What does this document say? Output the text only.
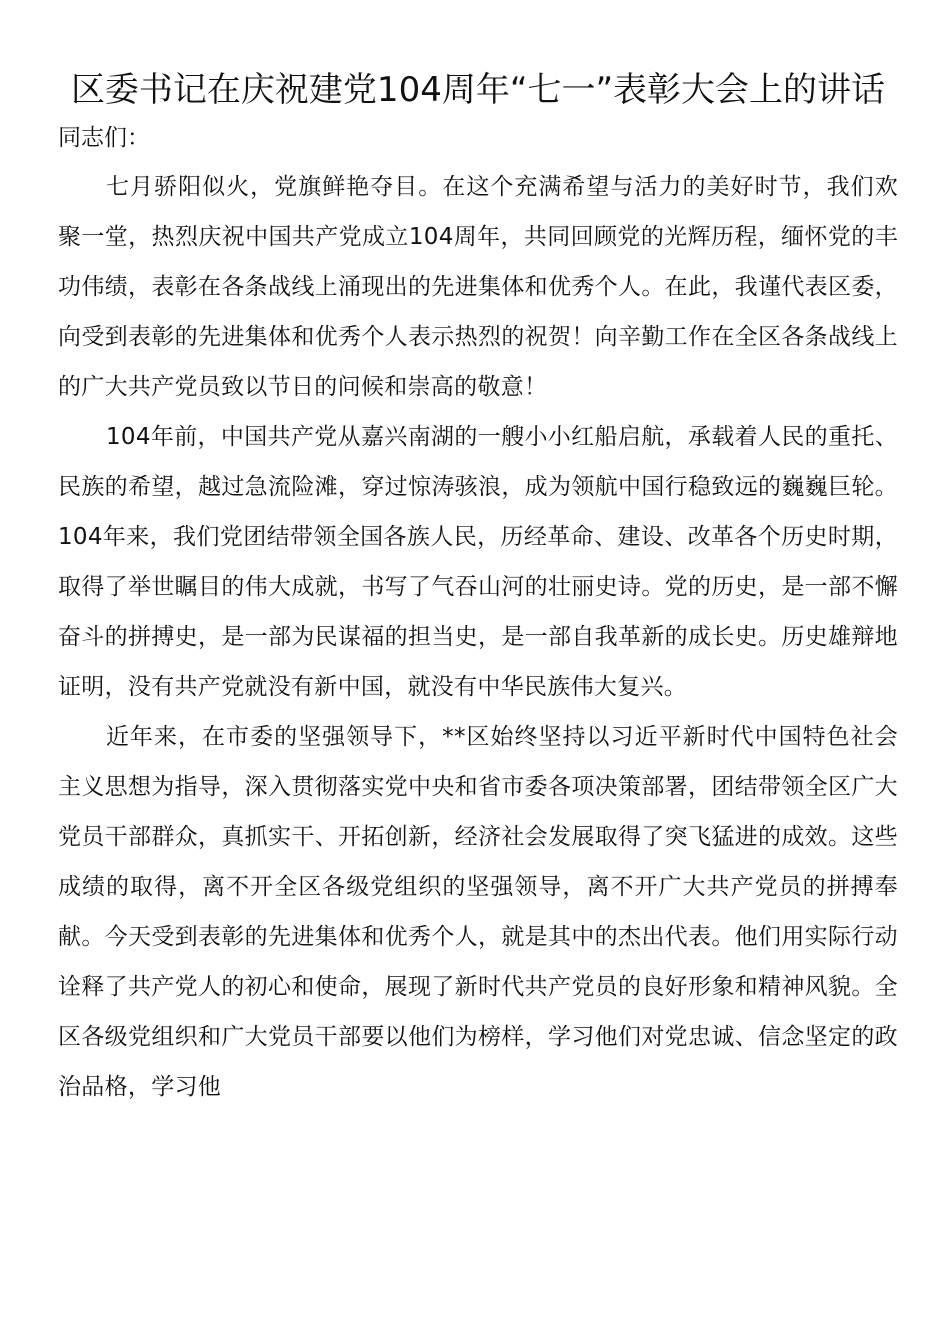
区委书记在庆祝建党104周年“七一”表彰大会上的讲话

同志们：

七月骄阳似火，党旗鲜艳夺目。在这个充满希望与活力的美好时节，我们欢聚一堂，热烈庆祝中国共产党成立104周年，共同回顾党的光辉历程，缅怀党的丰功伟绩，表彰在各条战线上涌现出的先进集体和优秀个人。在此，我谨代表区委，向受到表彰的先进集体和优秀个人表示热烈的祝贺！向辛勤工作在全区各条战线上的广大共产党员致以节日的问候和崇高的敬意！

104年前，中国共产党从嘉兴南湖的一艘小小红船启航，承载着人民的重托、民族的希望，越过急流险滩，穿过惊涛骇浪，成为领航中国行稳致远的巍巍巨轮。104年来，我们党团结带领全国各族人民，历经革命、建设、改革各个历史时期，取得了举世瞩目的伟大成就，书写了气吞山河的壮丽史诗。党的历史，是一部不懈奋斗的拼搏史，是一部为民谋福的担当史，是一部自我革新的成长史。历史雄辩地证明，没有共产党就没有新中国，就没有中华民族伟大复兴。

近年来，在市委的坚强领导下，**区始终坚持以习近平新时代中国特色社会主义思想为指导，深入贯彻落实党中央和省市委各项决策部署，团结带领全区广大党员干部群众，真抓实干、开拓创新，经济社会发展取得了突飞猛进的成效。这些成绩的取得，离不开全区各级党组织的坚强领导，离不开广大共产党员的拼搏奉献。今天受到表彰的先进集体和优秀个人，就是其中的杰出代表。他们用实际行动诠释了共产党人的初心和使命，展现了新时代共产党员的良好形象和精神风貌。全区各级党组织和广大党员干部要以他们为榜样，学习他们对党忠诚、信念坚定的政治品格，学习他
